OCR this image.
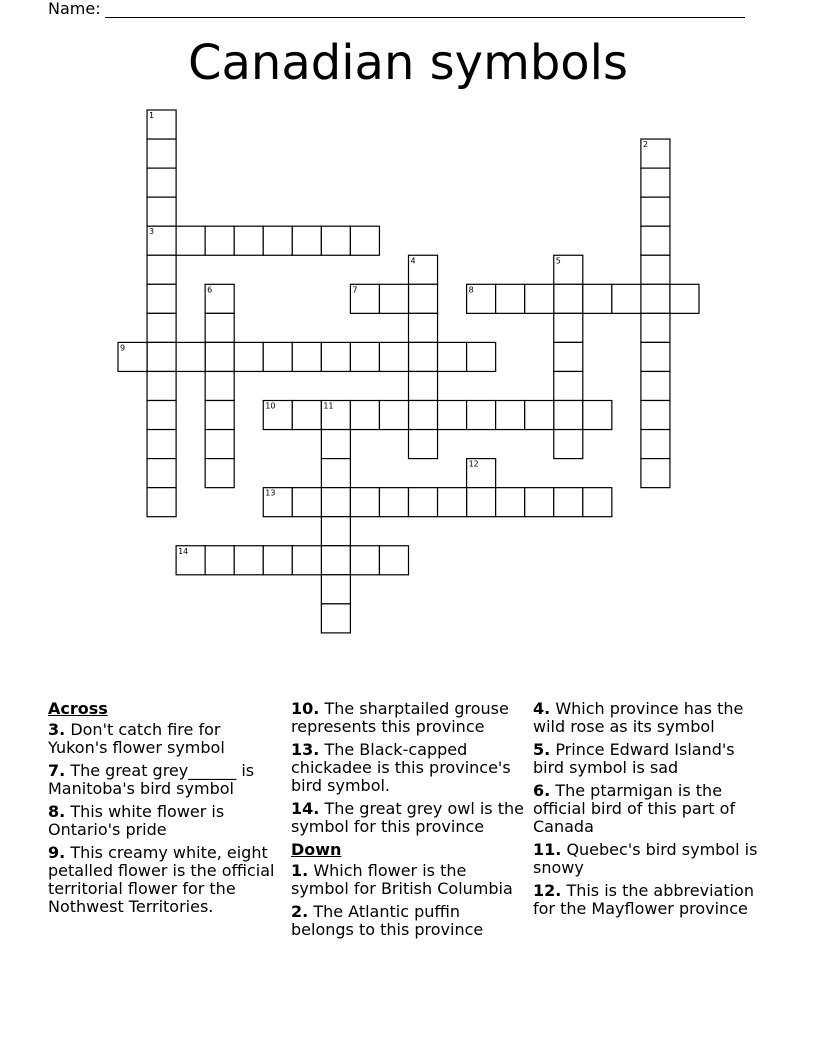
Name:
Canadian symbols
1
2
3
4	5
6	7	8
9
10	11
12
13
14
Across
3. Don't catch fire for Yukon's flower symbol
7. The great grey______ is Manitoba's bird symbol
8. This white flower is Ontario's pride
9. This creamy white, eight petalled flower is the official territorial flower for the Nothwest Territories.
10. The sharptailed grouse represents this province
13. The Black-capped chickadee is this province's bird symbol.
14. The great grey owl is the symbol for this province
Down
1. Which flower is the symbol for British Columbia
2. The Atlantic puffin belongs to this province
4. Which province has the wild rose as its symbol
5. Prince Edward Island's bird symbol is sad
6. The ptarmigan is the official bird of this part of Canada
11. Quebec's bird symbol is snowy
12. This is the abbreviation for the Mayflower province
